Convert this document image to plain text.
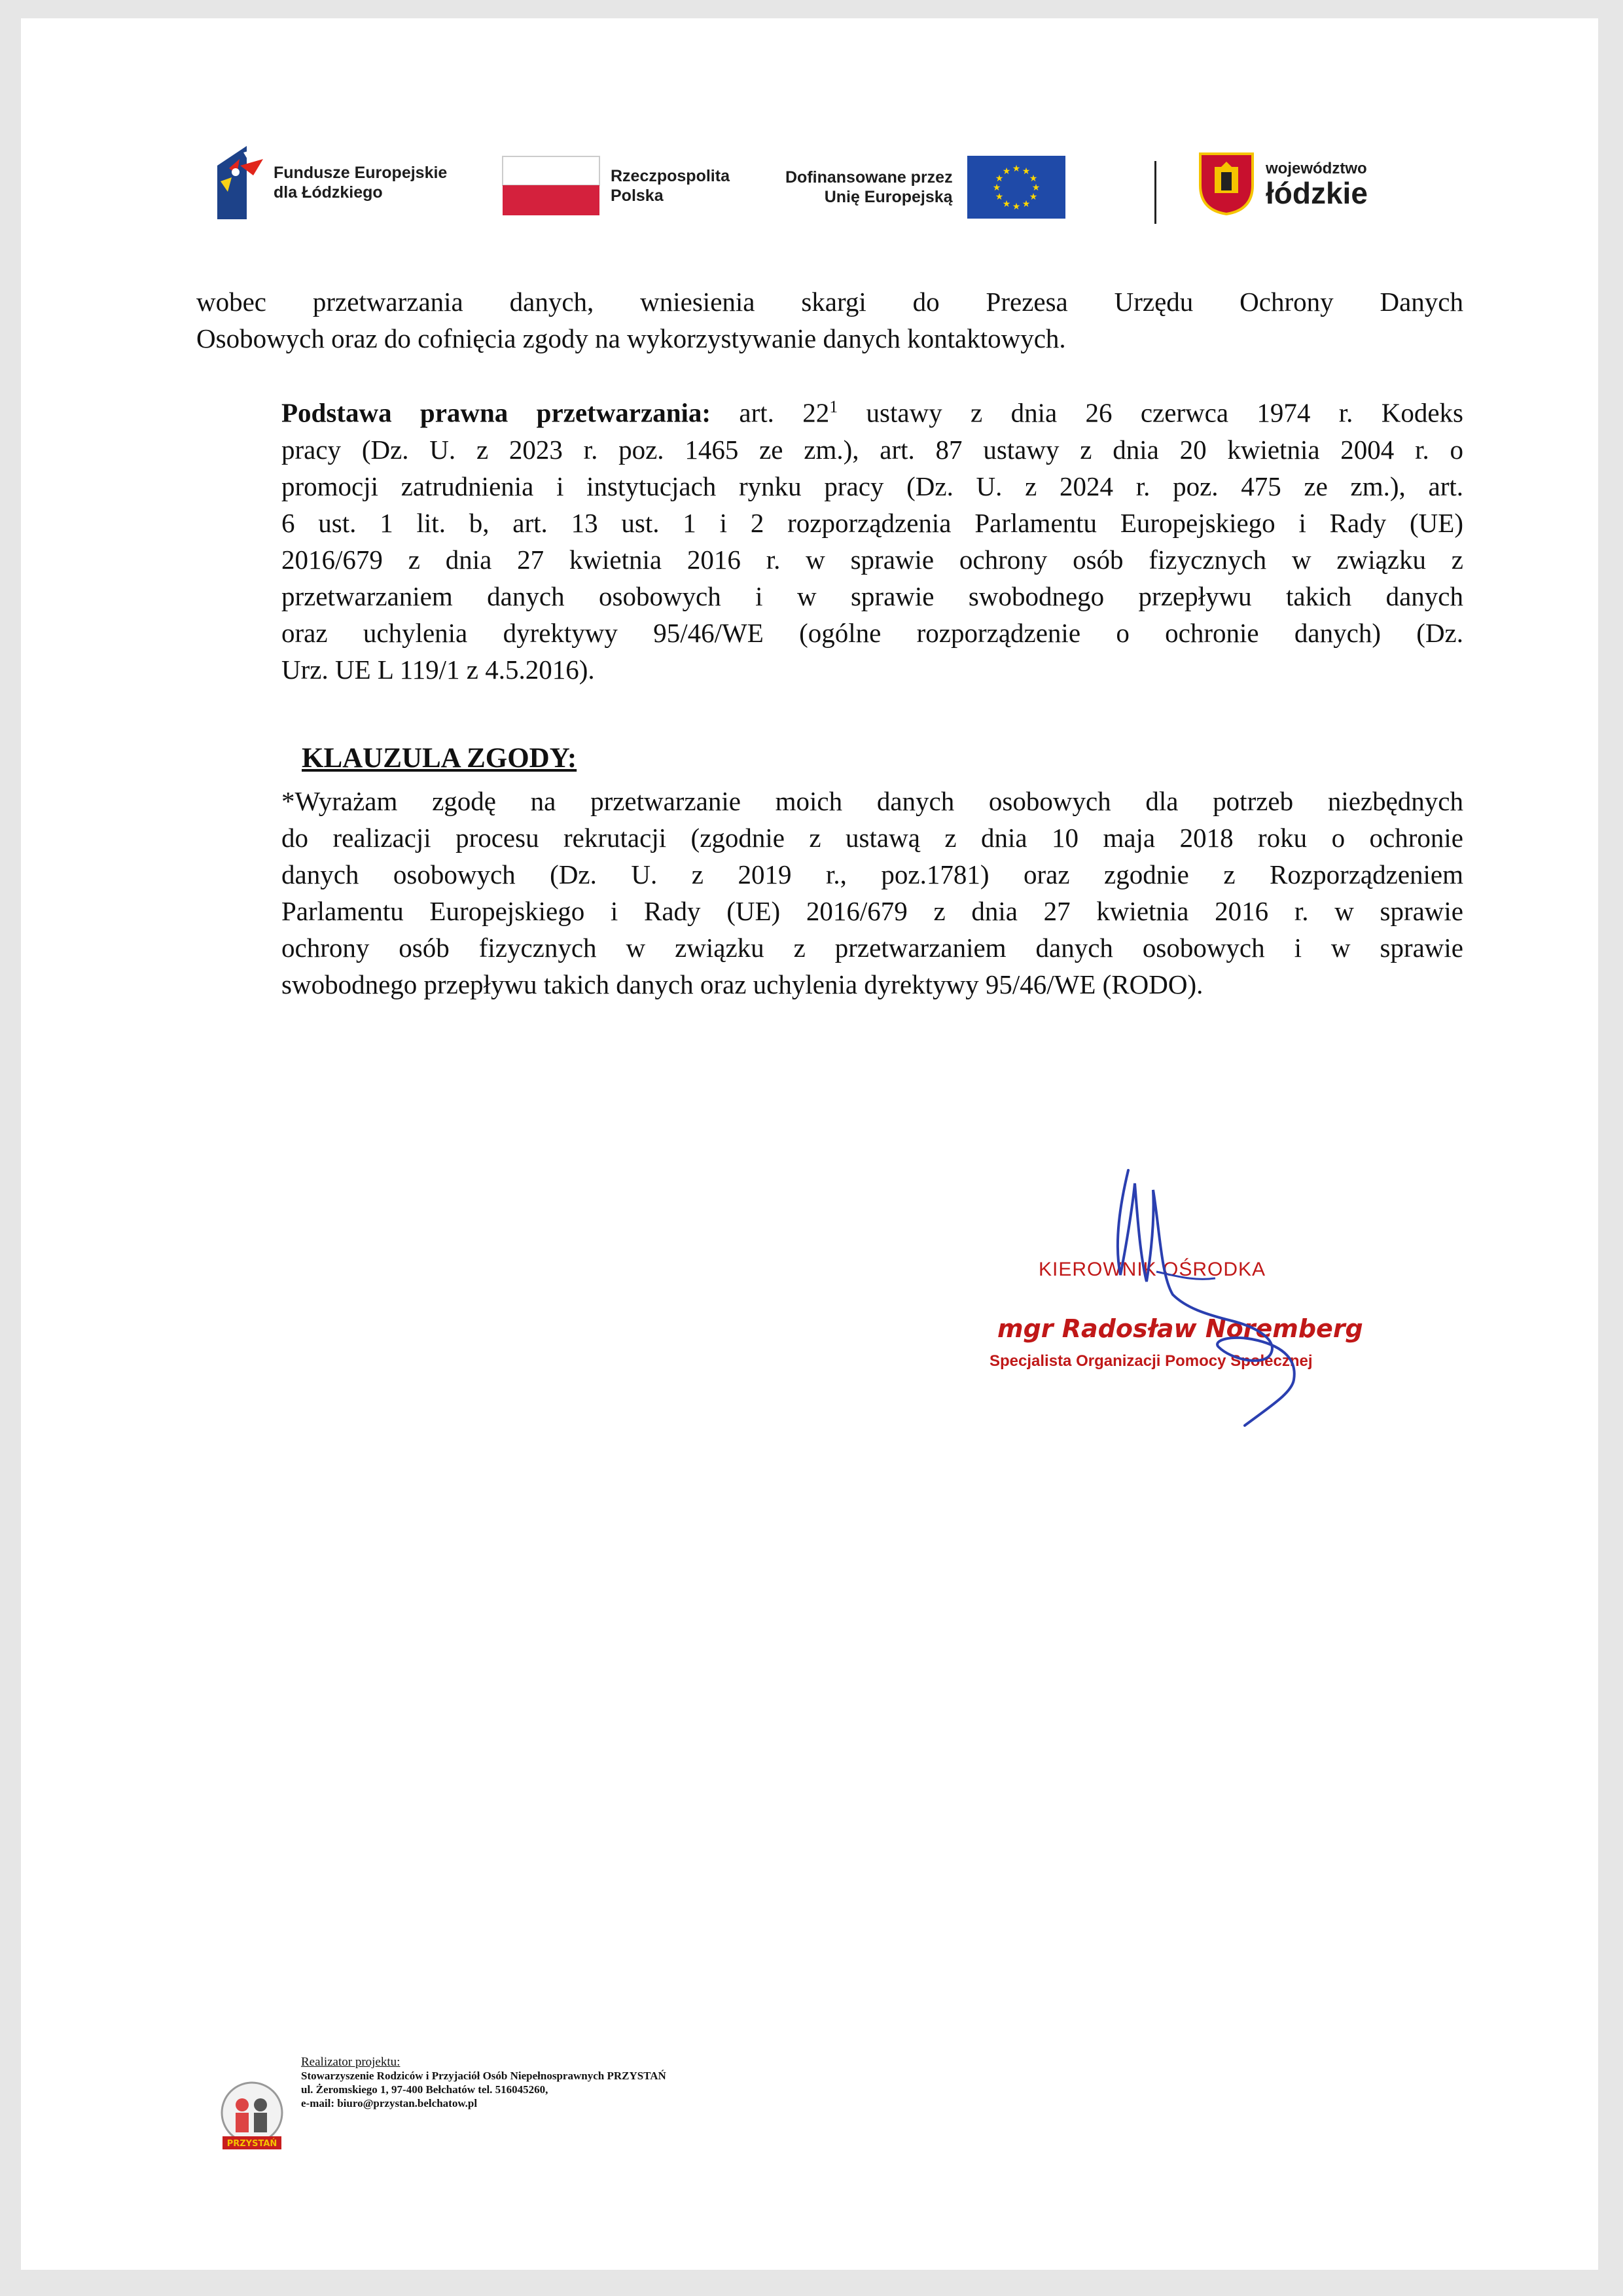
Fundusze Europejskie
dla Łódzkiego
Rzeczpospolita
Polska
Dofinansowane przez
Unię Europejską
★ ★
★
★
★
★
★
★
★
★
★
★	województwo
łódzkie
wobec przetwarzania danych, wniesienia skargi do Prezesa Urzędu Ochrony Danych
Osobowych oraz do cofnięcia zgody na wykorzystywanie danych kontaktowych.
Podstawa prawna przetwarzania: art. $22^1$ ustawy z dnia 26 czerwca 1974 r. Kodeks
pracy (Dz. U. z 2023 r. poz. 1465 ze zm.), art. 87 ustawy z dnia 20 kwietnia 2004 r. o
promocji zatrudnienia i instytucjach rynku pracy (Dz. U. z 2024 r. poz. 475 ze zm.), art.
6 ust. 1 lit. b, art. 13 ust. 1 i 2 rozporządzenia Parlamentu Europejskiego i Rady (UE)
2016/679 z dnia 27 kwietnia 2016 r. w sprawie ochrony osób fizycznych w związku z
przetwarzaniem danych osobowych i w sprawie swobodnego przepływu takich danych
oraz uchylenia dyrektywy 95/46/WE (ogólne rozporządzenie o ochronie danych) (Dz.
Urz. UE L 119/1 z 4.5.2016).
KLAUZULA ZGODY:
*Wyrażam zgodę na przetwarzanie moich danych osobowych dla potrzeb niezbędnych
do realizacji procesu rekrutacji (zgodnie z ustawą z dnia 10 maja 2018 roku o ochronie
danych osobowych (Dz. U. z 2019 r., poz.1781) oraz zgodnie z Rozporządzeniem
Parlamentu Europejskiego i Rady (UE) 2016/679 z dnia 27 kwietnia 2016 r. w sprawie
ochrony osób fizycznych w związku z przetwarzaniem danych osobowych i w sprawie
swobodnego przepływu takich danych oraz uchylenia dyrektywy 95/46/WE (RODO).
KIEROWNIK OŚRODKA
mgr Radosław Noremberg
Specjalista Organizacji Pomocy Społecznej
PRZYSTAŃ
Realizator projektu:
Stowarzyszenie Rodziców i Przyjaciół Osób Niepełnosprawnych PRZYSTAŃ
ul. Żeromskiego 1, 97-400 Bełchatów tel. 516045260,
e-mail: biuro@przystan.belchatow.pl
